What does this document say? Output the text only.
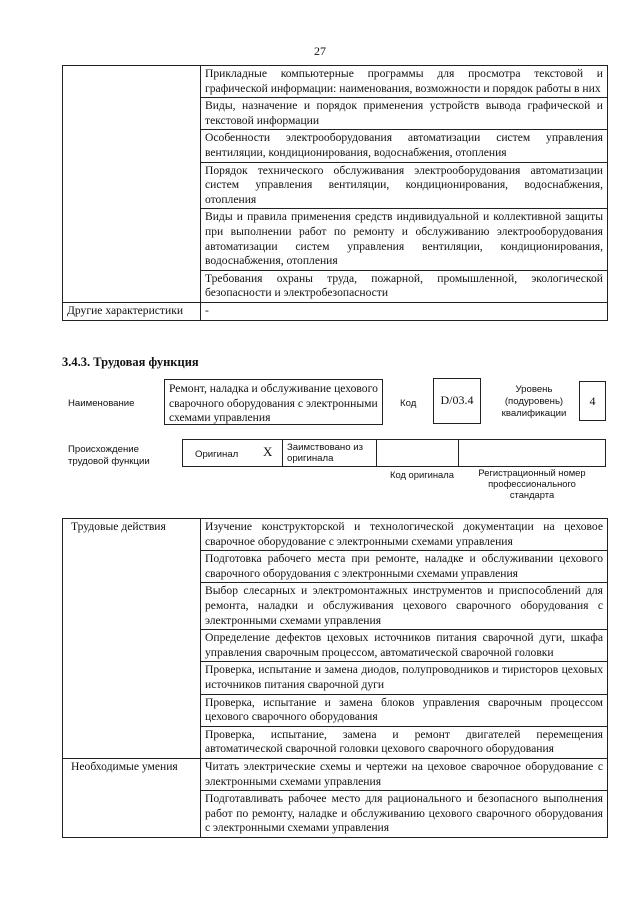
27
	Прикладные компьютерные программы для просмотра текстовой и графической информации: наименования, возможности и порядок работы в них
	Виды, назначение и порядок применения устройств вывода графической и текстовой информации
	Особенности электрооборудования автоматизации систем управления вентиляции, кондиционирования, водоснабжения, отопления
	Порядок технического обслуживания электрооборудования автоматизации систем управления вентиляции, кондиционирования, водоснабжения, отопления
	Виды и правила применения средств индивидуальной и коллективной защиты при выполнении работ по ремонту и обслуживанию электрооборудования автоматизации систем управления вентиляции, кондиционирования, водоснабжения, отопления
	Требования охраны труда, пожарной, промышленной, экологической безопасности и электробезопасности
Другие характеристики	-
3.4.3. Трудовая функция
Наименование
Ремонт, наладка и обслуживание цехового сварочного оборудования с электронными схемами управления
Код	D/03.4
Уровень (подуровень) квалификации
4
Происхождение трудовой функции
Оригинал X Заимствовано из оригинала
Код оригинала	Регистрационный номер профессионального стандарта
Трудовые действия	Изучение конструкторской и технологической документации на цеховое сварочное оборудование с электронными схемами управления
	Подготовка рабочего места при ремонте, наладке и обслуживании цехового сварочного оборудования с электронными схемами управления
	Выбор слесарных и электромонтажных инструментов и приспособлений для ремонта, наладки и обслуживания цехового сварочного оборудования с электронными схемами управления
	Определение дефектов цеховых источников питания сварочной дуги, шкафа управления сварочным процессом, автоматической сварочной головки
	Проверка, испытание и замена диодов, полупроводников и тиристоров цеховых источников питания сварочной дуги
	Проверка, испытание и замена блоков управления сварочным процессом цехового сварочного оборудования
	Проверка, испытание, замена и ремонт двигателей перемещения автоматической сварочной головки цехового сварочного оборудования
Необходимые умения	Читать электрические схемы и чертежи на цеховое сварочное оборудование с электронными схемами управления
	Подготавливать рабочее место для рационального и безопасного выполнения работ по ремонту, наладке и обслуживанию цехового сварочного оборудования с электронными схемами управления
